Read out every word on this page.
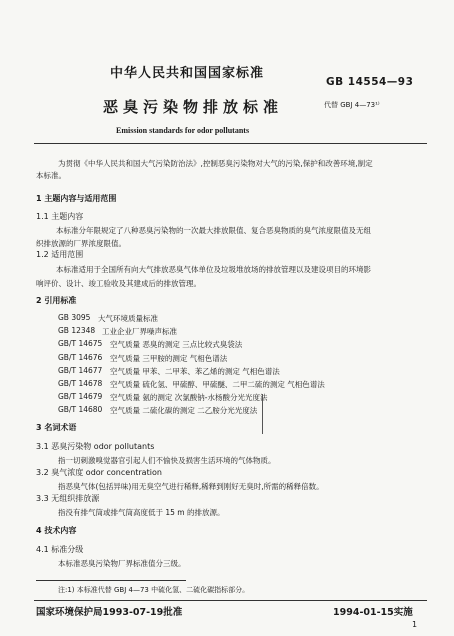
中华人民共和国国家标准
GB 14554—93
恶臭污染物排放标准	代替 GBJ 4—73¹⁾
Emission standards for odor pollutants
为贯彻《中华人民共和国大气污染防治法》,控制恶臭污染物对大气的污染,保护和改善环境,制定
本标准。
1 主题内容与适用范围
1.1 主题内容
本标准分年限规定了八种恶臭污染物的一次最大排放限值、复合恶臭物质的臭气浓度限值及无组
织排放源的厂界浓度限值。
1.2 适用范围
本标准适用于全国所有向大气排放恶臭气体单位及垃圾堆放场的排放管理以及建设项目的环境影
响评价、设计、竣工验收及其建成后的排放管理。
2 引用标准
GB 3095 大气环境质量标准
GB 12348 工业企业厂界噪声标准
GB/T 14675 空气质量 恶臭的测定 三点比较式臭袋法
GB/T 14676 空气质量 三甲胺的测定 气相色谱法
GB/T 14677 空气质量 甲苯、二甲苯、苯乙烯的测定 气相色谱法
GB/T 14678 空气质量 硫化氢、甲硫醇、甲硫醚、二甲二硫的测定 气相色谱法
GB/T 14679 空气质量 氨的测定 次氯酸钠-水杨酸分光光度法
GB/T 14680 空气质量 二硫化碳的测定 二乙胺分光光度法
3 名词术语
3.1 恶臭污染物 odor pollutants
指一切刺激嗅觉器官引起人们不愉快及损害生活环境的气体物质。
3.2 臭气浓度 odor concentration
指恶臭气体(包括异味)用无臭空气进行稀释,稀释到刚好无臭时,所需的稀释倍数。
3.3 无组织排放源
指没有排气筒或排气筒高度低于 15 m 的排放源。
4 技术内容
4.1 标准分级
本标准恶臭污染物厂界标准值分三级。
注:1) 本标准代替 GBJ 4—73 中硫化氢、二硫化碳指标部分。
国家环境保护局1993-07-19批准	1994-01-15实施
1
